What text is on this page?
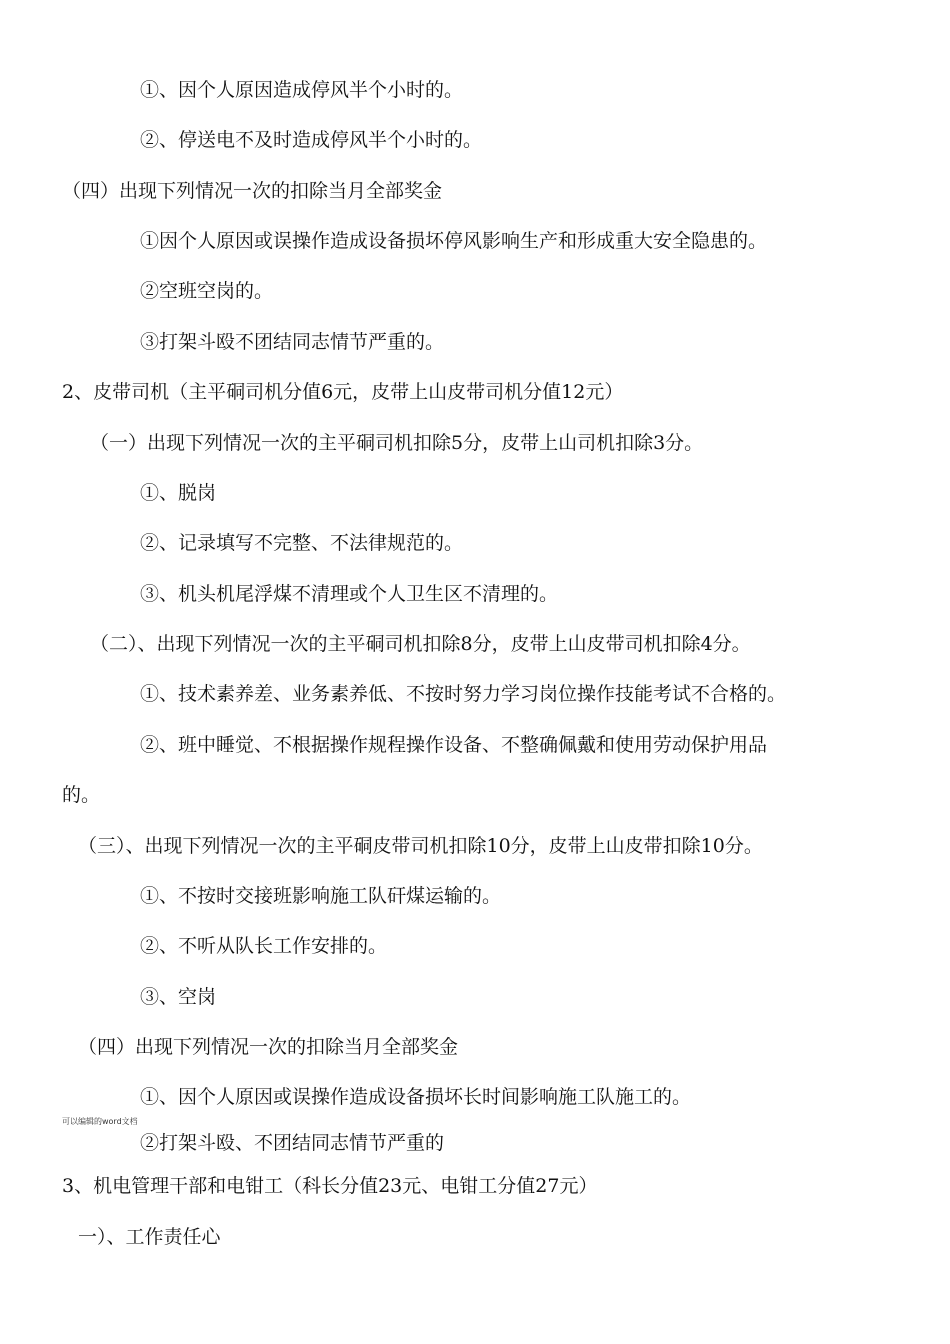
①、因个人原因造成停风半个小时的。
②、停送电不及时造成停风半个小时的。
（四）出现下列情况一次的扣除当月全部奖金
①因个人原因或误操作造成设备损坏停风影响生产和形成重大安全隐患的。
②空班空岗的。
③打架斗殴不团结同志情节严重的。
2、皮带司机（主平硐司机分值6元，皮带上山皮带司机分值12元）
（一）出现下列情况一次的主平硐司机扣除5分，皮带上山司机扣除3分。
①、脱岗
②、记录填写不完整、不法律规范的。
③、机头机尾浮煤不清理或个人卫生区不清理的。
（二）、出现下列情况一次的主平硐司机扣除8分，皮带上山皮带司机扣除4分。
①、技术素养差、业务素养低、不按时努力学习岗位操作技能考试不合格的。
②、班中睡觉、不根据操作规程操作设备、不整确佩戴和使用劳动保护用品
的。
（三）、出现下列情况一次的主平硐皮带司机扣除10分，皮带上山皮带扣除10分。
①、不按时交接班影响施工队矸煤运输的。
②、不听从队长工作安排的。
③、空岗
（四）出现下列情况一次的扣除当月全部奖金
①、因个人原因或误操作造成设备损坏长时间影响施工队施工的。
可以编辑的word文档
②打架斗殴、不团结同志情节严重的
3、机电管理干部和电钳工（科长分值23元、电钳工分值27元）
一）、工作责任心
